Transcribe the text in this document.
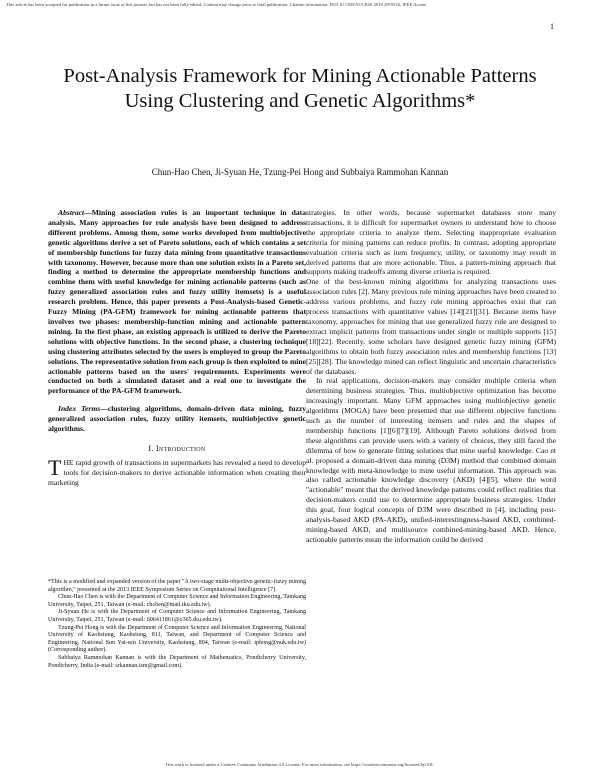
This article has been accepted for publication in a future issue of this journal, but has not been fully edited. Content may change prior to final publication. Citation information: DOI 10.1109/ACCESS.2019.2955516, IEEE Access
1
Post-Analysis Framework for Mining Actionable Patterns Using Clustering and Genetic Algorithms*
Chun-Hao Chen, Ji-Syuan He, Tzung-Pei Hong and Subbaiya Rammohan Kannan

Abstract—Mining association rules is an important technique in data analysis. Many approaches for rule analysis have been designed to address different problems. Among them, some works developed from multiobjective genetic algorithms derive a set of Pareto solutions, each of which contains a set of membership functions for fuzzy data mining from quantitative transactions with taxonomy. However, because more than one solution exists in a Pareto set, finding a method to determine the appropriate membership functions and combine them with useful knowledge for mining actionable patterns (such as fuzzy generalized association rules and fuzzy utility itemsets) is a useful research problem. Hence, this paper presents a Post-Analysis-based Genetic-Fuzzy Mining (PA-GFM) framework for mining actionable patterns that involves two phases: membership-function mining and actionable pattern mining. In the first phase, an existing approach is utilized to derive the Pareto solutions with objective functions. In the second phase, a clustering technique using clustering attributes selected by the users is employed to group the Pareto solutions. The representative solution from each group is then exploited to mine actionable patterns based on the users' requirements. Experiments were conducted on both a simulated dataset and a real one to investigate the performance of the PA-GFM framework.

Index Terms—clustering algorithms, domain-driven data mining, fuzzy generalized association rules, fuzzy utility itemsets, multiobjective genetic algorithms.

I. Introduction

THE rapid growth of transactions in supermarkets has revealed a need to develop tools for decision-makers to derive actionable information when creating their marketing

*This is a modified and expanded version of the paper "A two-stage multi-objective genetic-fuzzy mining algorithm," presented at the 2013 IEEE Symposium Series on Computational Intelligence [7].

Chun-Hao Chen is with the Department of Computer Science and Information Engineering, Tamkang University, Taipei, 251, Taiwan (e-mail: chchen@mail.tku.edu.tw).

Ji-Syuan He is with the Department of Computer Science and Information Engineering, Tamkang University, Taipei, 251, Taiwan (e-mail: 606411861@o365.tku.edu.tw).

Tzung-Pei Hong is with the Department of Computer Science and Information Engineering, National University of Kaohsiung, Kaohsiung, 811, Taiwan, and Department of Computer Science and Engineering, National Sun Yat-sen University, Kaohsiung, 804, Taiwan (e-mail: tphong@nuk.edu.tw) (Corresponding author).

Subbaiya Rammohan Kannan is with the Department of Mathematics, Pondicherry University, Pondicherry, India (e-mail: srkannan.ism@gmail.com).

strategies. In other words, because supermarket databases store many transactions, it is difficult for supermarket owners to understand how to choose the appropriate criteria to analyze them. Selecting inappropriate evaluation criteria for mining patterns can reduce profits. In contrast, adopting appropriate evaluation criteria such as item frequency, utility, or taxonomy may result in derived patterns that are more actionable. Thus, a pattern-mining approach that supports making tradeoffs among diverse criteria is required.

One of the best-known mining algorithms for analyzing transactions uses association rules [2]. Many previous rule mining approaches have been created to address various problems, and fuzzy rule mining approaches exist that can process transactions with quantitative values [14][21][31]. Because items have taxonomy, approaches for mining that use generalized fuzzy rule are designed to extract implicit patterns from transactions under single or multiple supports [15][18][22]. Recently, some scholars have designed genetic fuzzy mining (GFM) algorithms to obtain both fuzzy association rules and membership functions [13][25][28]. The knowledge mined can reflect linguistic and uncertain characteristics of the databases.

In real applications, decision-makers may consider multiple criteria when determining business strategies. Thus, multiobjective optimization has become increasingly important. Many GFM approaches using multiobjective genetic algorithms (MOGA) have been presented that use different objective functions such as the number of interesting itemsets and rules and the shapes of membership functions [1][6][7][19]. Although Pareto solutions derived from these algorithms can provide users with a variety of choices, they still faced the dilemma of how to generate fitting solutions that mine useful knowledge. Cao et al. proposed a domain-driven data mining (D3M) method that combined domain knowledge with meta-knowledge to mine useful information. This approach was also called actionable knowledge discovery (AKD) [4][5], where the word "actionable" meant that the derived knowledge patterns could reflect realities that decision-makers could use to determine appropriate business strategies. Under this goal, four logical concepts of D3M were described in [4], including post-analysis-based AKD (PA-AKD), unified-interestingness-based AKD, combined-mining-based AKD, and multisource combined-mining-based AKD. Hence, actionable patterns mean the information could be derived

This work is licensed under a Creative Commons Attribution 4.0 License. For more information, see https://creativecommons.org/licenses/by/4.0/.
